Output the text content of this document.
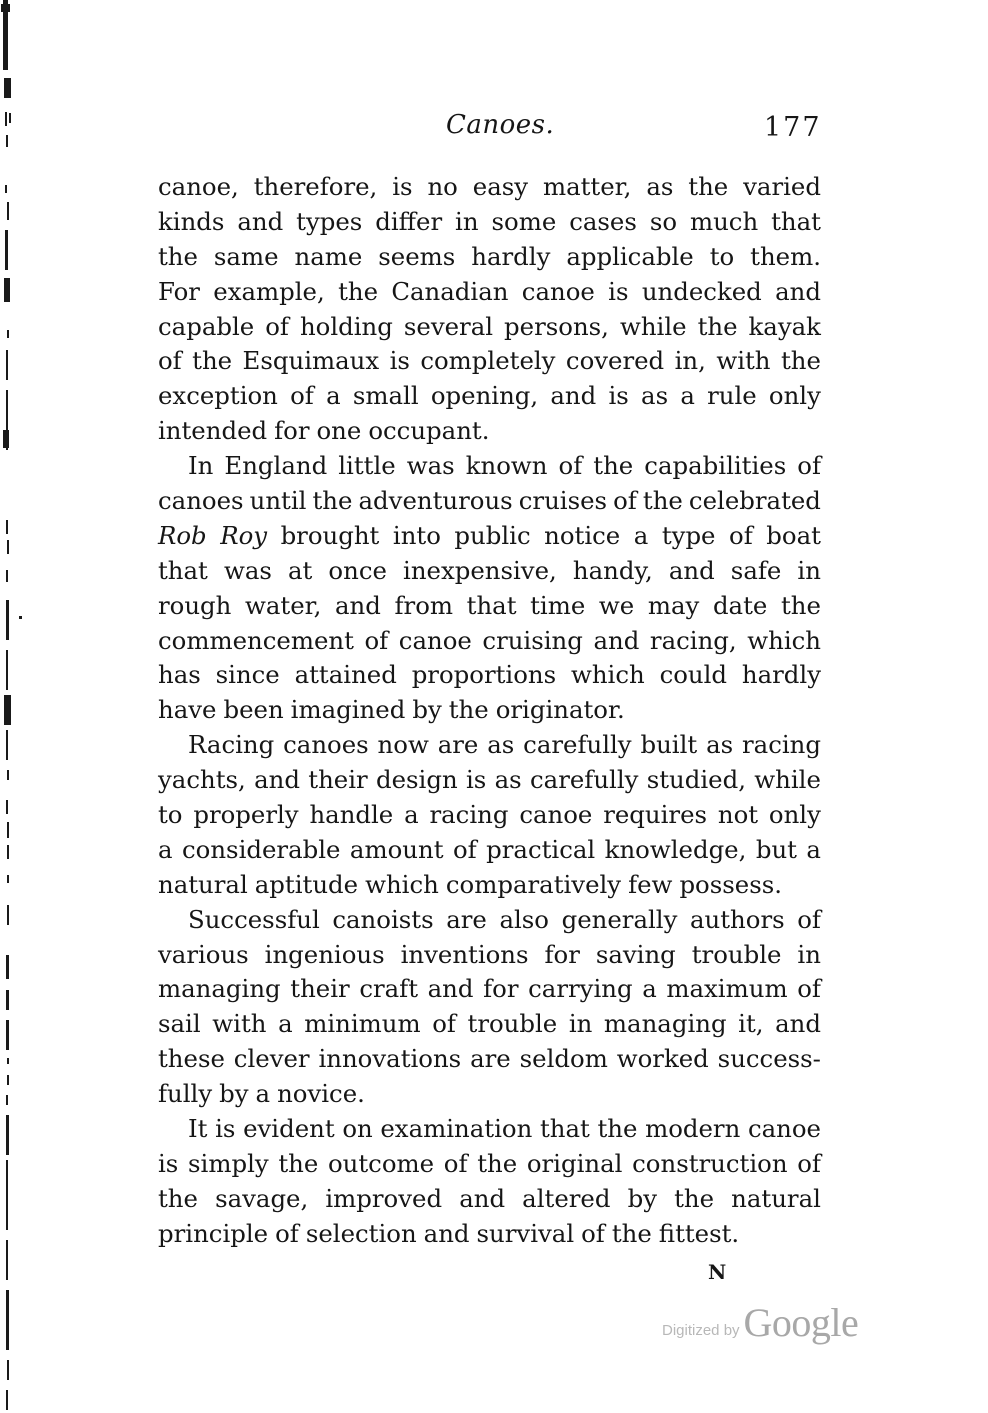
Canoes.	177
canoe, therefore, is no easy matter, as the varied
kinds and types differ in some cases so much that
the same name seems hardly applicable to them.
For example, the Canadian canoe is undecked and
capable of holding several persons, while the kayak
of the Esquimaux is completely covered in, with the
exception of a small opening, and is as a rule only
intended for one occupant.
In England little was known of the capabilities of
canoes until the adventurous cruises of the celebrated
Rob Roy brought into public notice a type of boat
that was at once inexpensive, handy, and safe in
rough water, and from that time we may date the
commencement of canoe cruising and racing, which
has since attained proportions which could hardly
have been imagined by the originator.
Racing canoes now are as carefully built as racing
yachts, and their design is as carefully studied, while
to properly handle a racing canoe requires not only
a considerable amount of practical knowledge, but a
natural aptitude which comparatively few possess.
Successful canoists are also generally authors of
various ingenious inventions for saving trouble in
managing their craft and for carrying a maximum of
sail with a minimum of trouble in managing it, and
these clever innovations are seldom worked success-
fully by a novice.
It is evident on examination that the modern canoe
is simply the outcome of the original construction of
the savage, improved and altered by the natural
principle of selection and survival of the fittest.
N
Digitized by Google
